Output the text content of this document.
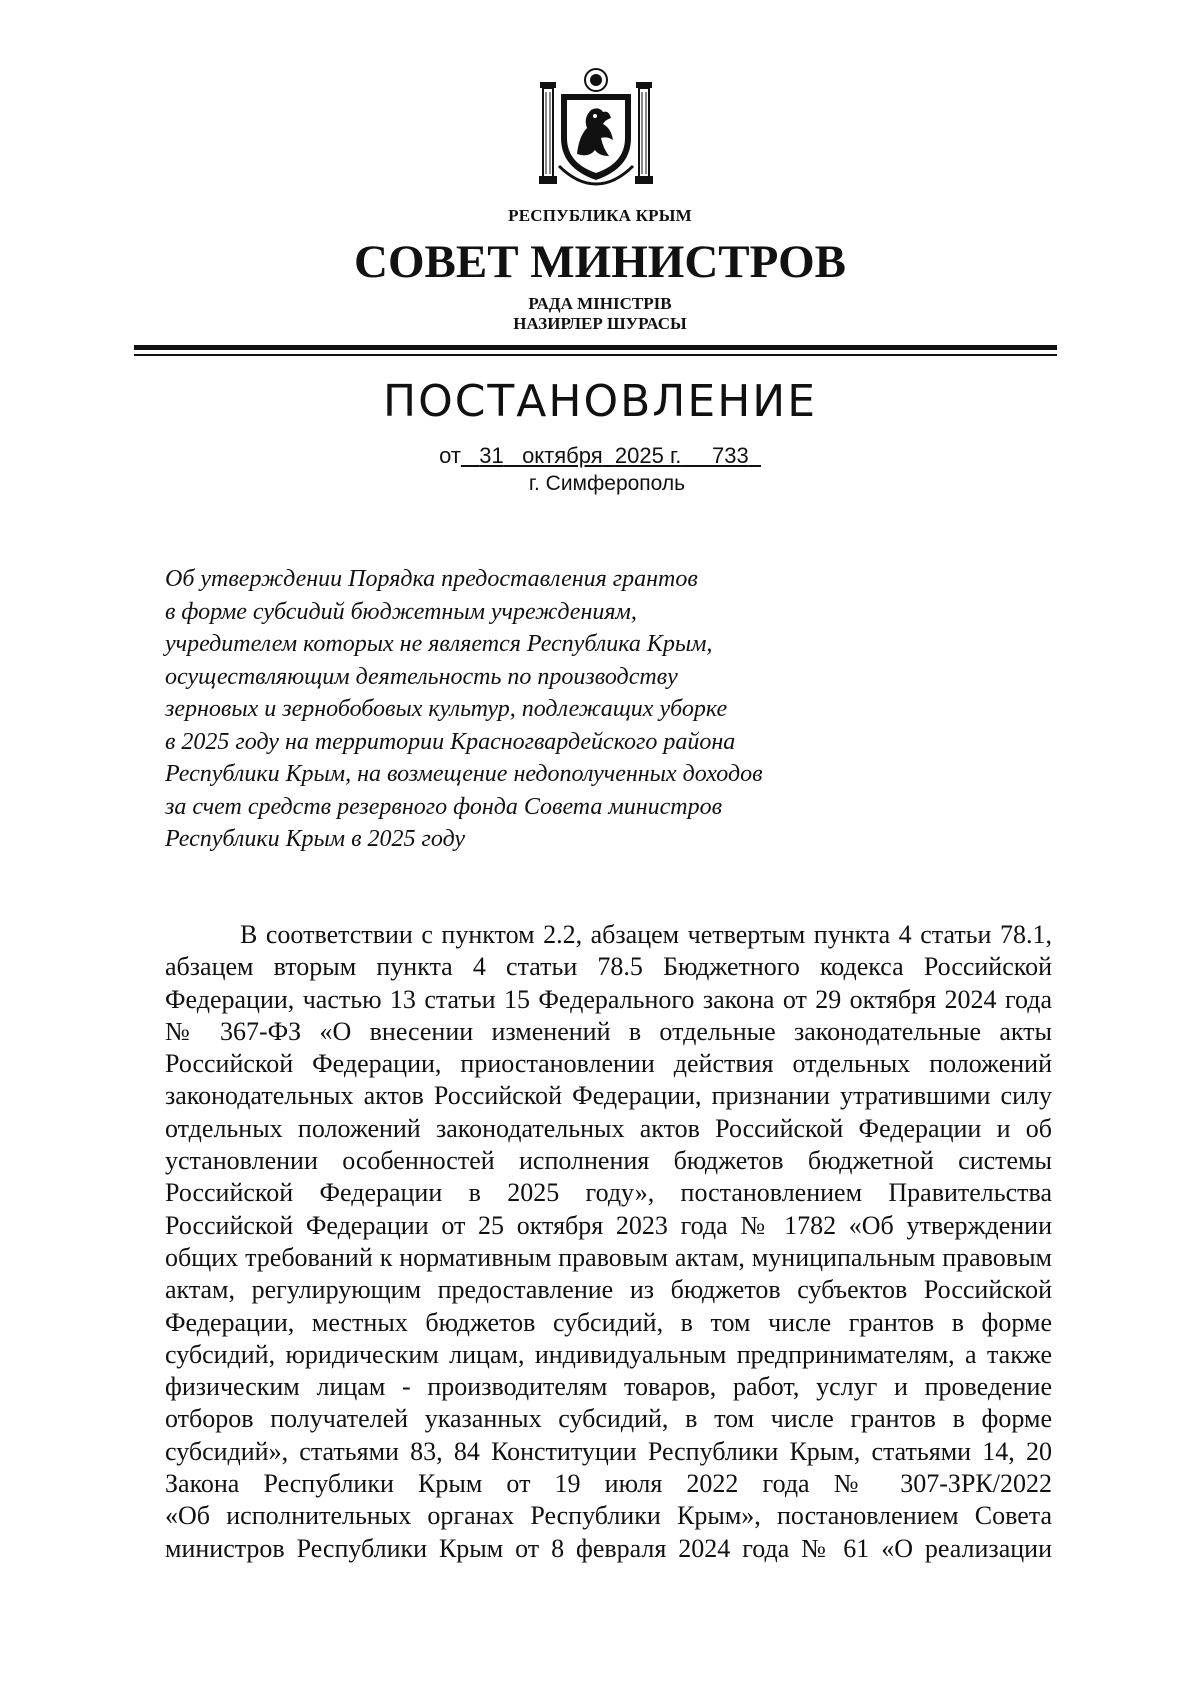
РЕСПУБЛИКА КРЫМ
СОВЕТ МИНИСТРОВ
РАДА МІНІСТРІВ
НАЗИРЛЕР ШУРАСЫ
ПОСТАНОВЛЕНИЕ
от 31 октября 2025 г. 733
г. Симферополь
Об утверждении Порядка предоставления грантов
в форме субсидий бюджетным учреждениям,
учредителем которых не является Республика Крым,
осуществляющим деятельность по производству
зерновых и зернобобовых культур, подлежащих уборке
в 2025 году на территории Красногвардейского района
Республики Крым, на возмещение недополученных доходов
за счет средств резервного фонда Совета министров
Республики Крым в 2025 году
В соответствии с пунктом 2.2, абзацем четвертым пункта 4 статьи 78.1,
абзацем вторым пункта 4 статьи 78.5 Бюджетного кодекса Российской
Федерации, частью 13 статьи 15 Федерального закона от 29 октября 2024 года
№ 367-ФЗ «О внесении изменений в отдельные законодательные акты
Российской Федерации, приостановлении действия отдельных положений
законодательных актов Российской Федерации, признании утратившими силу
отдельных положений законодательных актов Российской Федерации и об
установлении особенностей исполнения бюджетов бюджетной системы
Российской Федерации в 2025 году», постановлением Правительства
Российской Федерации от 25 октября 2023 года № 1782 «Об утверждении
общих требований к нормативным правовым актам, муниципальным правовым
актам, регулирующим предоставление из бюджетов субъектов Российской
Федерации, местных бюджетов субсидий, в том числе грантов в форме
субсидий, юридическим лицам, индивидуальным предпринимателям, а также
физическим лицам - производителям товаров, работ, услуг и проведение
отборов получателей указанных субсидий, в том числе грантов в форме
субсидий», статьями 83, 84 Конституции Республики Крым, статьями 14, 20
Закона Республики Крым от 19 июля 2022 года № 307-ЗРК/2022
«Об исполнительных органах Республики Крым», постановлением Совета
министров Республики Крым от 8 февраля 2024 года № 61 «О реализации
